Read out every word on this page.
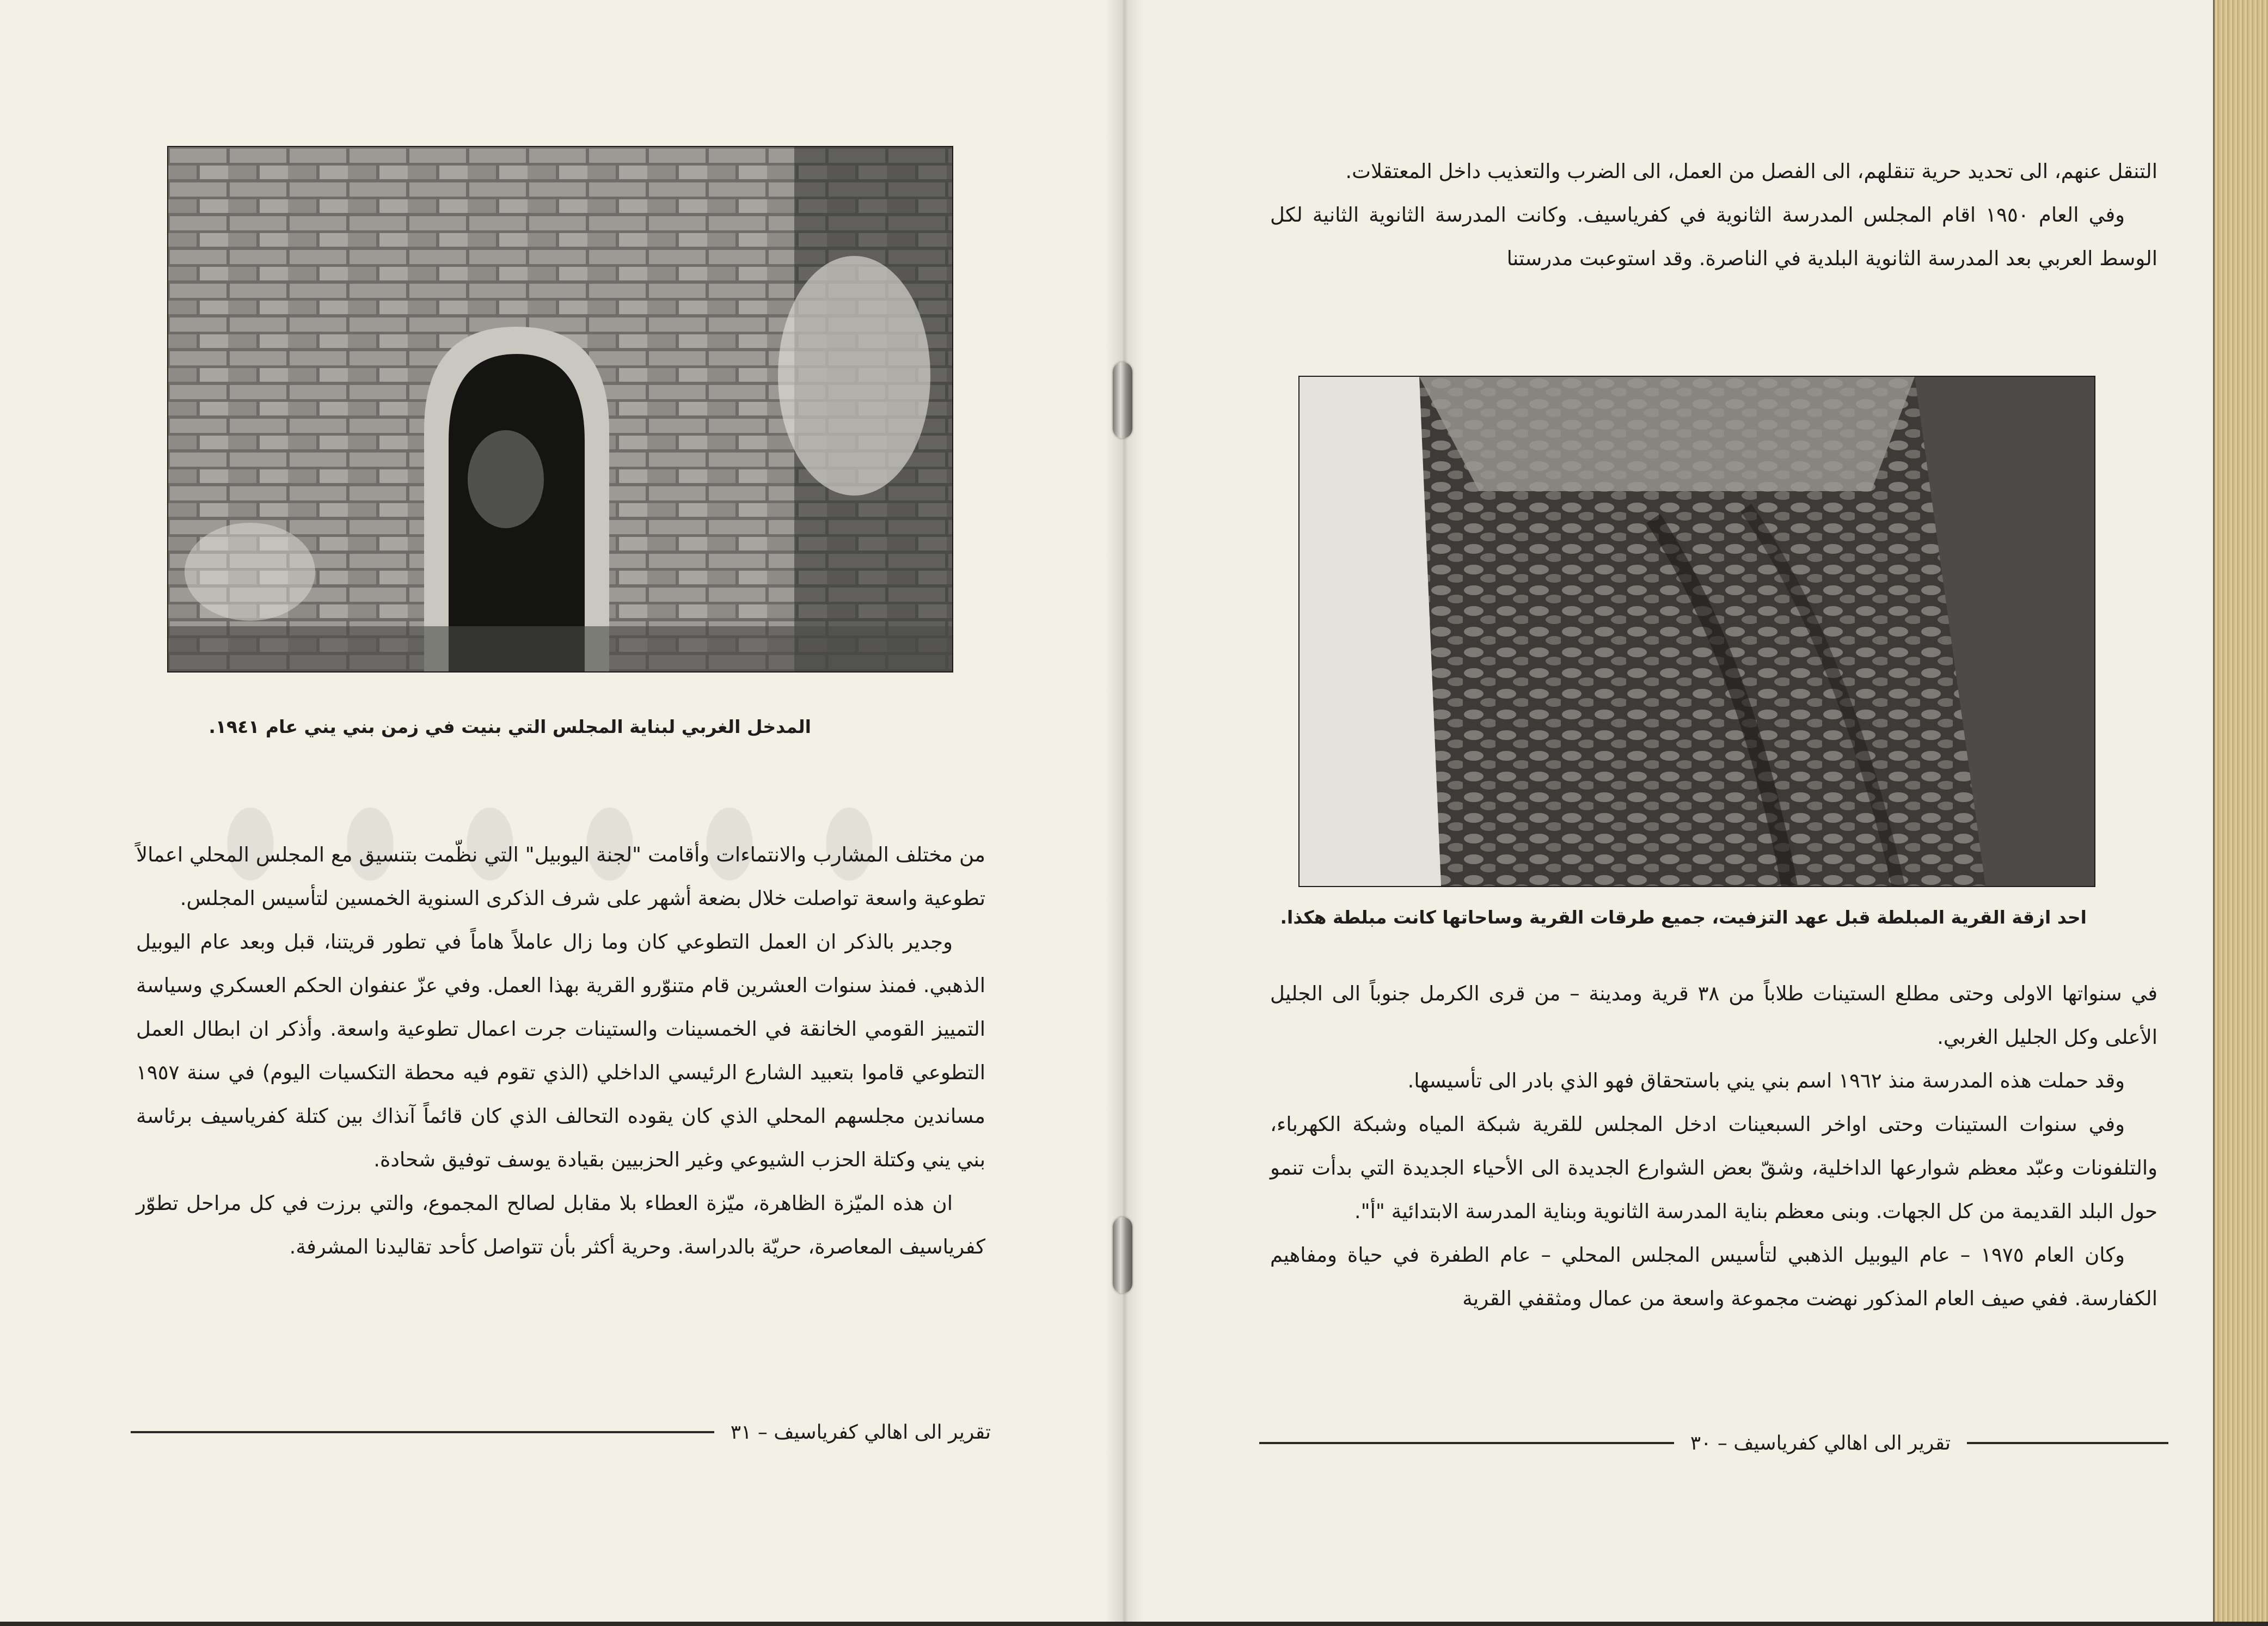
المدخل الغربي لبناية المجلس التي بنيت في زمن بني يني عام ١٩٤١.

من مختلف المشارب والانتماءات وأقامت "لجنة اليوبيل" التي نظّمت بتنسيق مع المجلس المحلي اعمالاً تطوعية واسعة تواصلت خلال بضعة أشهر على شرف الذكرى السنوية الخمسين لتأسيس المجلس.

وجدير بالذكر ان العمل التطوعي كان وما زال عاملاً هاماً في تطور قريتنا، قبل وبعد عام اليوبيل الذهبي. فمنذ سنوات العشرين قام متنوّرو القرية بهذا العمل. وفي عزّ عنفوان الحكم العسكري وسياسة التمييز القومي الخانقة في الخمسينات والستينات جرت اعمال تطوعية واسعة. وأذكر ان ابطال العمل التطوعي قاموا بتعبيد الشارع الرئيسي الداخلي (الذي تقوم فيه محطة التكسيات اليوم) في سنة ١٩٥٧ مساندين مجلسهم المحلي الذي كان يقوده التحالف الذي كان قائماً آنذاك بين كتلة كفرياسيف برئاسة بني يني وكتلة الحزب الشيوعي وغير الحزبيين بقيادة يوسف توفيق شحادة.

ان هذه الميّزة الظاهرة، ميّزة العطاء بلا مقابل لصالح المجموع، والتي برزت في كل مراحل تطوّر كفرياسيف المعاصرة، حريّة بالدراسة. وحرية أكثر بأن تتواصل كأحد تقاليدنا المشرفة.

تقرير الى اهالي كفرياسيف – ٣١

التنقل عنهم، الى تحديد حرية تنقلهم، الى الفصل من العمل، الى الضرب والتعذيب داخل المعتقلات.

وفي العام ١٩٥٠ اقام المجلس المدرسة الثانوية في كفرياسيف. وكانت المدرسة الثانوية الثانية لكل الوسط العربي بعد المدرسة الثانوية البلدية في الناصرة. وقد استوعبت مدرستنا

احد ازقة القرية المبلطة قبل عهد التزفيت، جميع طرقات القرية وساحاتها كانت مبلطة هكذا.

في سنواتها الاولى وحتى مطلع الستينات طلاباً من ٣٨ قرية ومدينة – من قرى الكرمل جنوباً الى الجليل الأعلى وكل الجليل الغربي.

وقد حملت هذه المدرسة منذ ١٩٦٢ اسم بني يني باستحقاق فهو الذي بادر الى تأسيسها.

وفي سنوات الستينات وحتى اواخر السبعينات ادخل المجلس للقرية شبكة المياه وشبكة الكهرباء، والتلفونات وعبّد معظم شوارعها الداخلية، وشقّ بعض الشوارع الجديدة الى الأحياء الجديدة التي بدأت تنمو حول البلد القديمة من كل الجهات. وبنى معظم بناية المدرسة الثانوية وبناية المدرسة الابتدائية "أ".

وكان العام ١٩٧٥ – عام اليوبيل الذهبي لتأسيس المجلس المحلي – عام الطفرة في حياة ومفاهيم الكفارسة. ففي صيف العام المذكور نهضت مجموعة واسعة من عمال ومثقفي القرية

تقرير الى اهالي كفرياسيف – ٣٠
